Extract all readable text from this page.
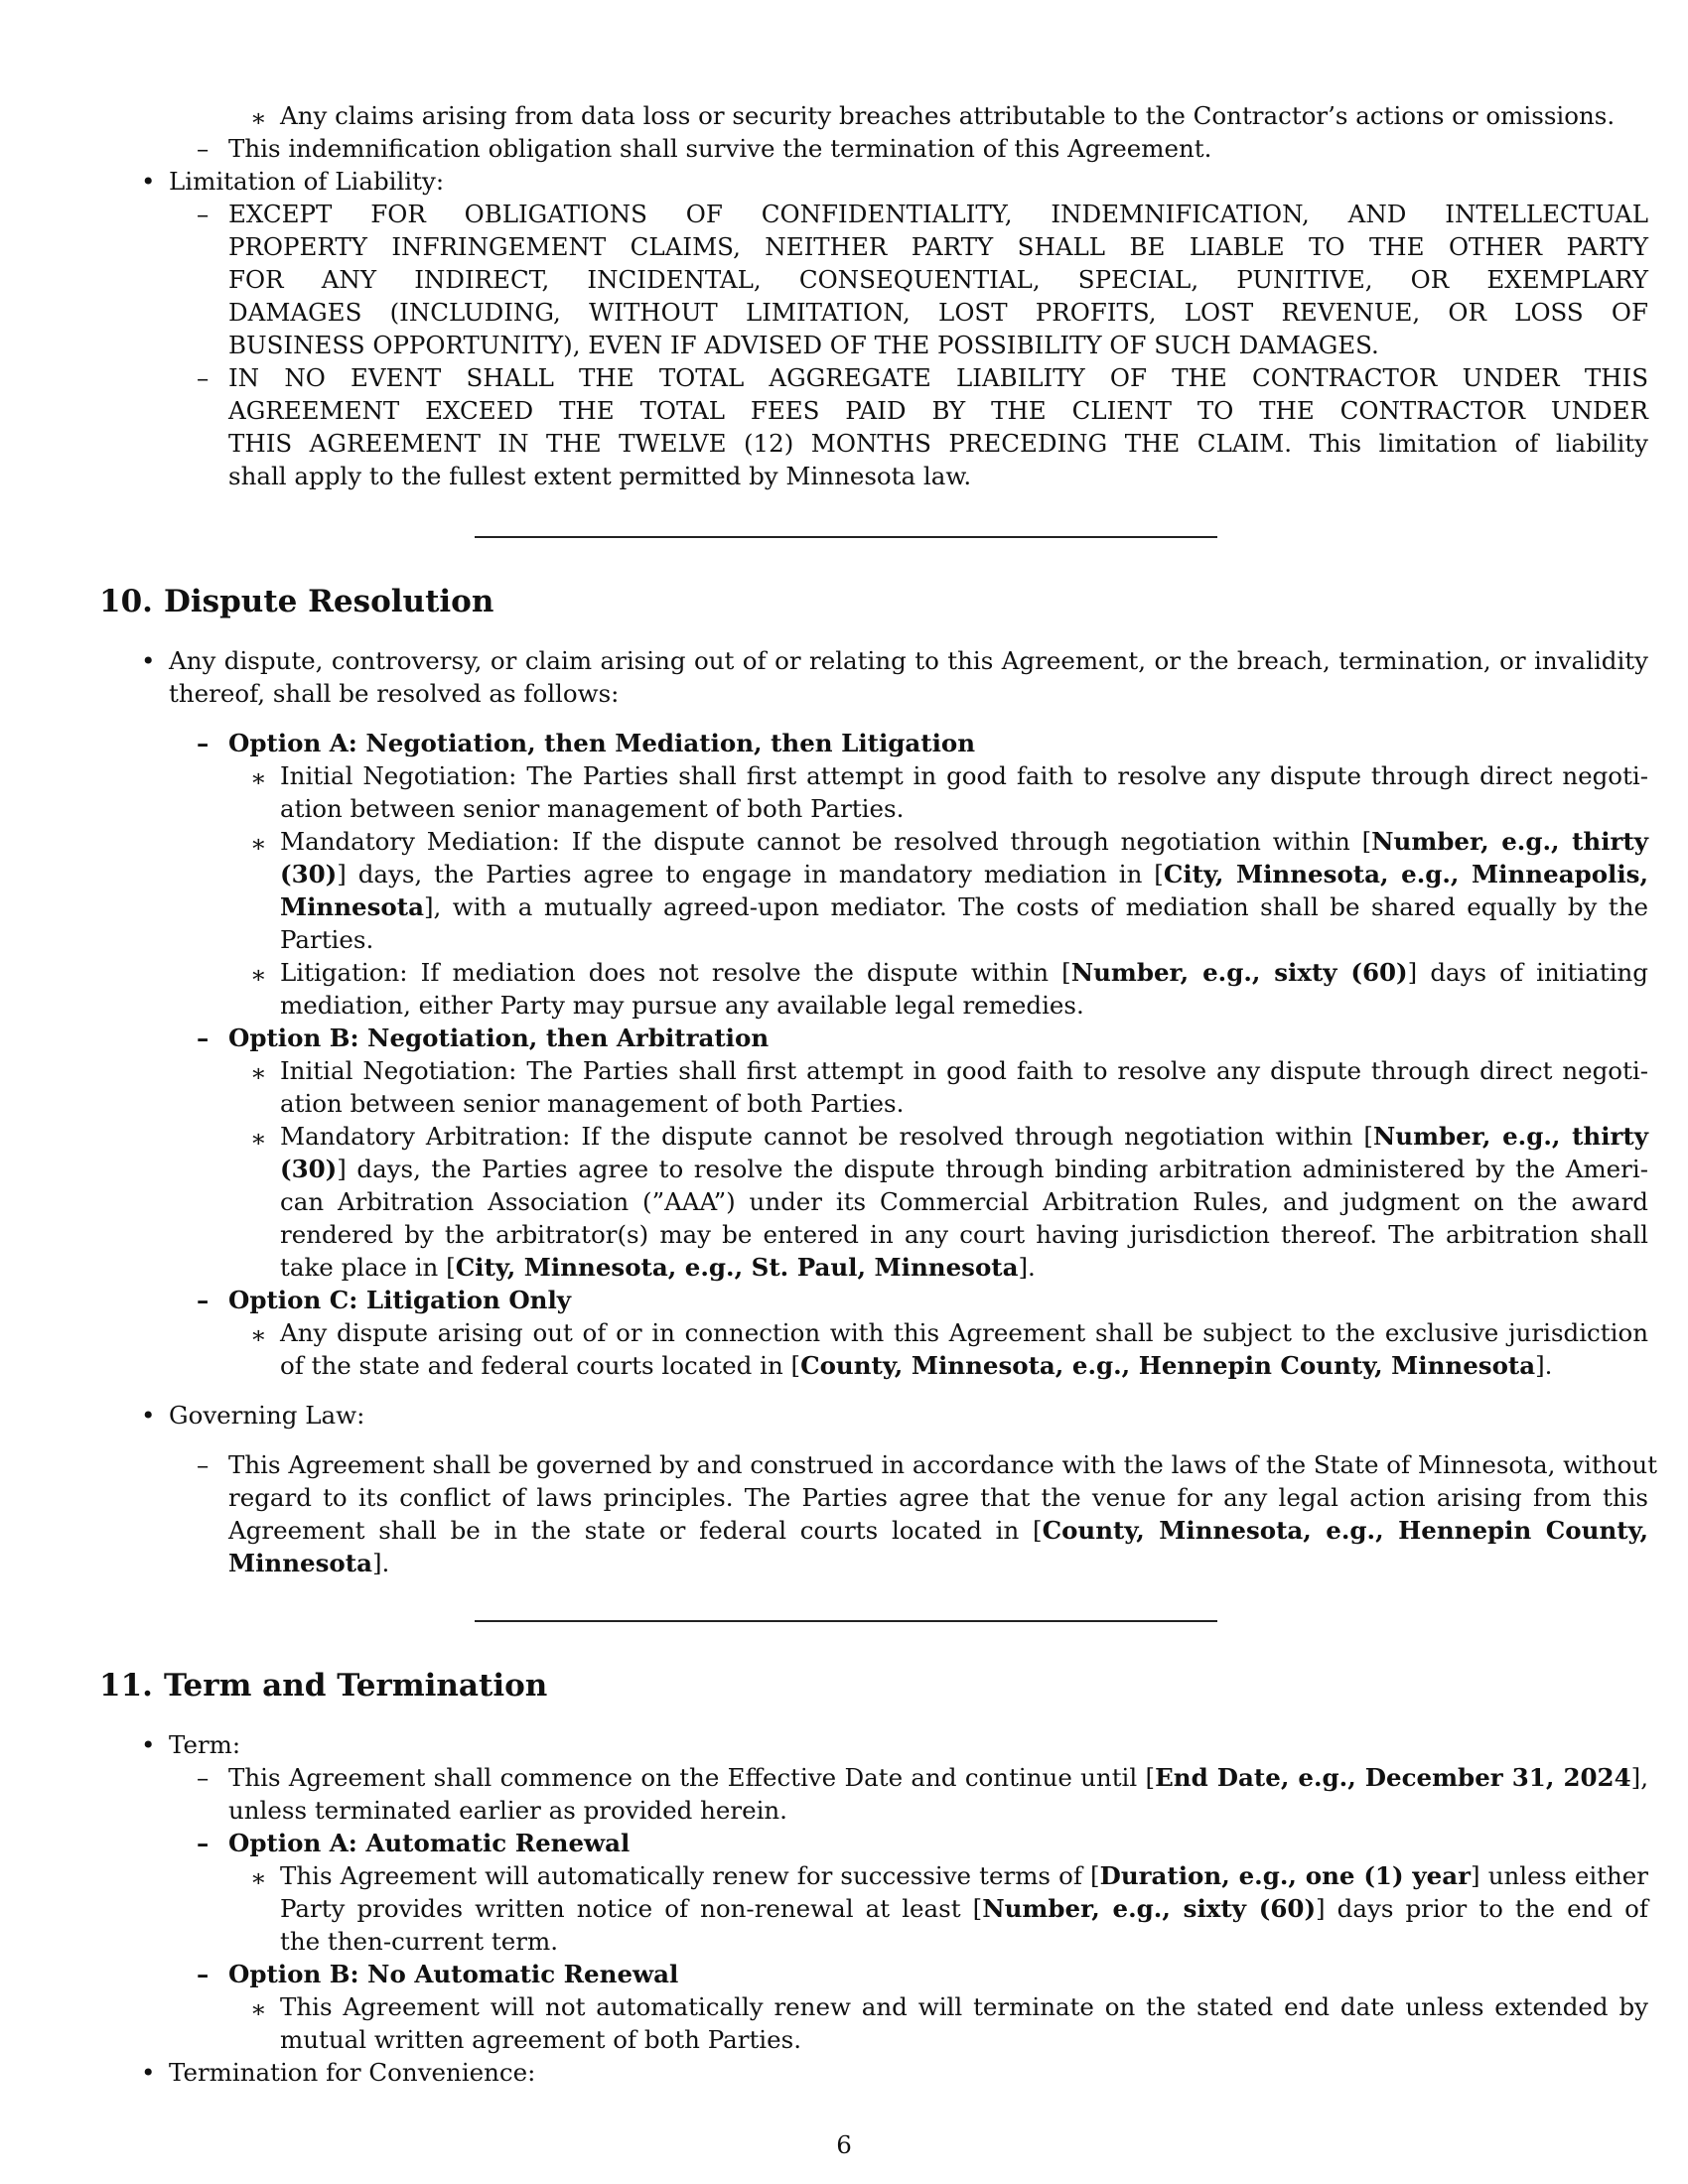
∗ Any claims arising from data loss or security breaches attributable to the Contractor’s actions or omissions.
– This indemnification obligation shall survive the termination of this Agreement.
• Limitation of Liability:
– EXCEPT FOR OBLIGATIONS OF CONFIDENTIALITY, INDEMNIFICATION, AND INTELLECTUAL
PROPERTY INFRINGEMENT CLAIMS, NEITHER PARTY SHALL BE LIABLE TO THE OTHER PARTY
FOR ANY INDIRECT, INCIDENTAL, CONSEQUENTIAL, SPECIAL, PUNITIVE, OR EXEMPLARY
DAMAGES (INCLUDING, WITHOUT LIMITATION, LOST PROFITS, LOST REVENUE, OR LOSS OF
BUSINESS OPPORTUNITY), EVEN IF ADVISED OF THE POSSIBILITY OF SUCH DAMAGES.
– IN NO EVENT SHALL THE TOTAL AGGREGATE LIABILITY OF THE CONTRACTOR UNDER THIS
AGREEMENT EXCEED THE TOTAL FEES PAID BY THE CLIENT TO THE CONTRACTOR UNDER
THIS AGREEMENT IN THE TWELVE (12) MONTHS PRECEDING THE CLAIM. This limitation of liability
shall apply to the fullest extent permitted by Minnesota law.
10. Dispute Resolution
• Any dispute, controversy, or claim arising out of or relating to this Agreement, or the breach, termination, or invalidity
thereof, shall be resolved as follows:
– Option A: Negotiation, then Mediation, then Litigation
∗ Initial Negotiation: The Parties shall first attempt in good faith to resolve any dispute through direct negoti-
ation between senior management of both Parties.
∗ Mandatory Mediation: If the dispute cannot be resolved through negotiation within [Number, e.g., thirty
(30)] days, the Parties agree to engage in mandatory mediation in [City, Minnesota, e.g., Minneapolis,
Minnesota], with a mutually agreed-upon mediator. The costs of mediation shall be shared equally by the
Parties.
∗ Litigation: If mediation does not resolve the dispute within [Number, e.g., sixty (60)] days of initiating
mediation, either Party may pursue any available legal remedies.
– Option B: Negotiation, then Arbitration
∗ Initial Negotiation: The Parties shall first attempt in good faith to resolve any dispute through direct negoti-
ation between senior management of both Parties.
∗ Mandatory Arbitration: If the dispute cannot be resolved through negotiation within [Number, e.g., thirty
(30)] days, the Parties agree to resolve the dispute through binding arbitration administered by the Ameri-
can Arbitration Association (”AAA”) under its Commercial Arbitration Rules, and judgment on the award
rendered by the arbitrator(s) may be entered in any court having jurisdiction thereof. The arbitration shall
take place in [City, Minnesota, e.g., St. Paul, Minnesota].
– Option C: Litigation Only
∗ Any dispute arising out of or in connection with this Agreement shall be subject to the exclusive jurisdiction
of the state and federal courts located in [County, Minnesota, e.g., Hennepin County, Minnesota].
• Governing Law:
– This Agreement shall be governed by and construed in accordance with the laws of the State of Minnesota, without
regard to its conflict of laws principles. The Parties agree that the venue for any legal action arising from this
Agreement shall be in the state or federal courts located in [County, Minnesota, e.g., Hennepin County,
Minnesota].
11. Term and Termination
• Term:
– This Agreement shall commence on the Effective Date and continue until [End Date, e.g., December 31, 2024],
unless terminated earlier as provided herein.
– Option A: Automatic Renewal
∗ This Agreement will automatically renew for successive terms of [Duration, e.g., one (1) year] unless either
Party provides written notice of non-renewal at least [Number, e.g., sixty (60)] days prior to the end of
the then-current term.
– Option B: No Automatic Renewal
∗ This Agreement will not automatically renew and will terminate on the stated end date unless extended by
mutual written agreement of both Parties.
• Termination for Convenience:
6
